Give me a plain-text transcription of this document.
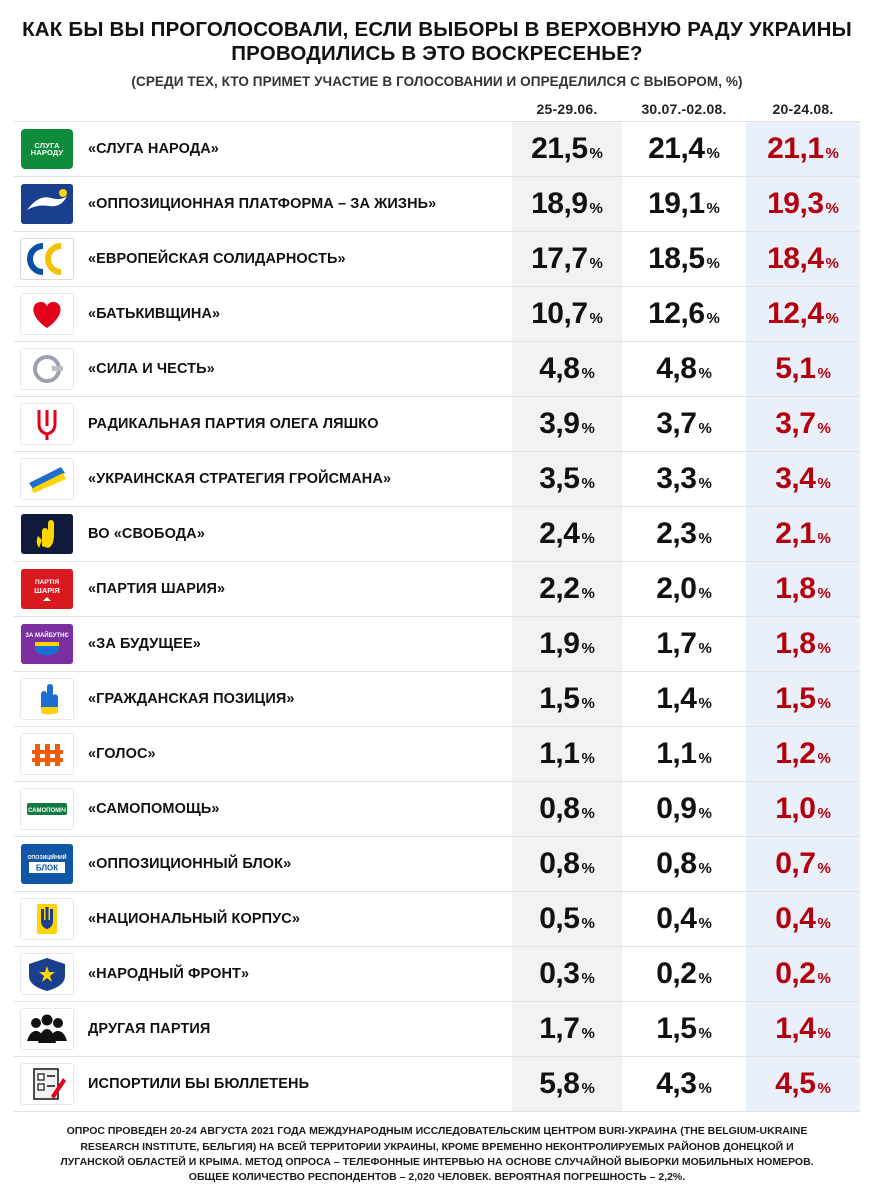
КАК БЫ ВЫ ПРОГОЛОСОВАЛИ, ЕСЛИ ВЫБОРЫ В ВЕРХОВНУЮ РАДУ УКРАИНЫ ПРОВОДИЛИСЬ В ЭТО ВОСКРЕСЕНЬЕ?
(СРЕДИ ТЕХ, КТО ПРИМЕТ УЧАСТИЕ В ГОЛОСОВАНИИ И ОПРЕДЕЛИЛСЯ С ВЫБОРОМ, %)
25-29.06.	30.07.-02.08.	20-24.08.
СЛУГА НАРОДУ	«СЛУГА НАРОДА»	21,5 % 21,4 % 21,1 %
«ОППОЗИЦИОННАЯ ПЛАТФОРМА – ЗА ЖИЗНЬ»	18,9 % 19,1 % 19,3 %
«ЕВРОПЕЙСКАЯ СОЛИДАРНОСТЬ»	17,7 % 18,5 % 18,4 %
«БАТЬКИВЩИНА»	10,7 % 12,6 % 12,4 %
«СИЛА И ЧЕСТЬ»	4,8 % 4,8 % 5,1 %
РАДИКАЛЬНАЯ ПАРТИЯ ОЛЕГА ЛЯШКО	3,9 % 3,7 % 3,7 %
«УКРАИНСКАЯ СТРАТЕГИЯ ГРОЙСМАНА»	3,5 % 3,3 % 3,4 %
ВО «СВОБОДА»	2,4 % 2,3 % 2,1 %
ПАРТIЯ
ШАРIЯ	«ПАРТИЯ ШАРИЯ»	2,2 % 2,0 % 1,8 %
ЗА МАЙБУТНЄ	«ЗА БУДУЩЕЕ»	1,9 % 1,7 % 1,8 %
«ГРАЖДАНСКАЯ ПОЗИЦИЯ»	1,5 % 1,4 % 1,5 %
«ГОЛОС»	1,1 % 1,1 % 1,2 %
САМОПОМIЧ	«САМОПОМОЩЬ»	0,8 % 0,9 % 1,0 %
ОПОЗИЦIЙНИЙ
БЛОК	«ОППОЗИЦИОННЫЙ БЛОК»	0,8 % 0,8 % 0,7 %
«НАЦИОНАЛЬНЫЙ КОРПУС»	0,5 % 0,4 % 0,4 %
«НАРОДНЫЙ ФРОНТ»	0,3 % 0,2 % 0,2 %
ДРУГАЯ ПАРТИЯ	1,7 % 1,5 % 1,4 %
ИСПОРТИЛИ БЫ БЮЛЛЕТЕНЬ	5,8 % 4,3 % 4,5 %
ОПРОС ПРОВЕДЕН 20-24 АВГУСТА 2021 ГОДА МЕЖДУНАРОДНЫМ ИССЛЕДОВАТЕЛЬСКИМ ЦЕНТРОМ BURI-УКРАИНА (THE BELGIUM-UKRAINE
RESEARCH INSTITUTE, БЕЛЬГИЯ) НА ВСЕЙ ТЕРРИТОРИИ УКРАИНЫ, КРОМЕ ВРЕМЕННО НЕКОНТРОЛИРУЕМЫХ РАЙОНОВ ДОНЕЦКОЙ И
ЛУГАНСКОЙ ОБЛАСТЕЙ И КРЫМА. МЕТОД ОПРОСА – ТЕЛЕФОННЫЕ ИНТЕРВЬЮ НА ОСНОВЕ СЛУЧАЙНОЙ ВЫБОРКИ МОБИЛЬНЫХ НОМЕРОВ.
ОБЩЕЕ КОЛИЧЕСТВО РЕСПОНДЕНТОВ – 2,020 ЧЕЛОВЕК. ВЕРОЯТНАЯ ПОГРЕШНОСТЬ – 2,2%.
